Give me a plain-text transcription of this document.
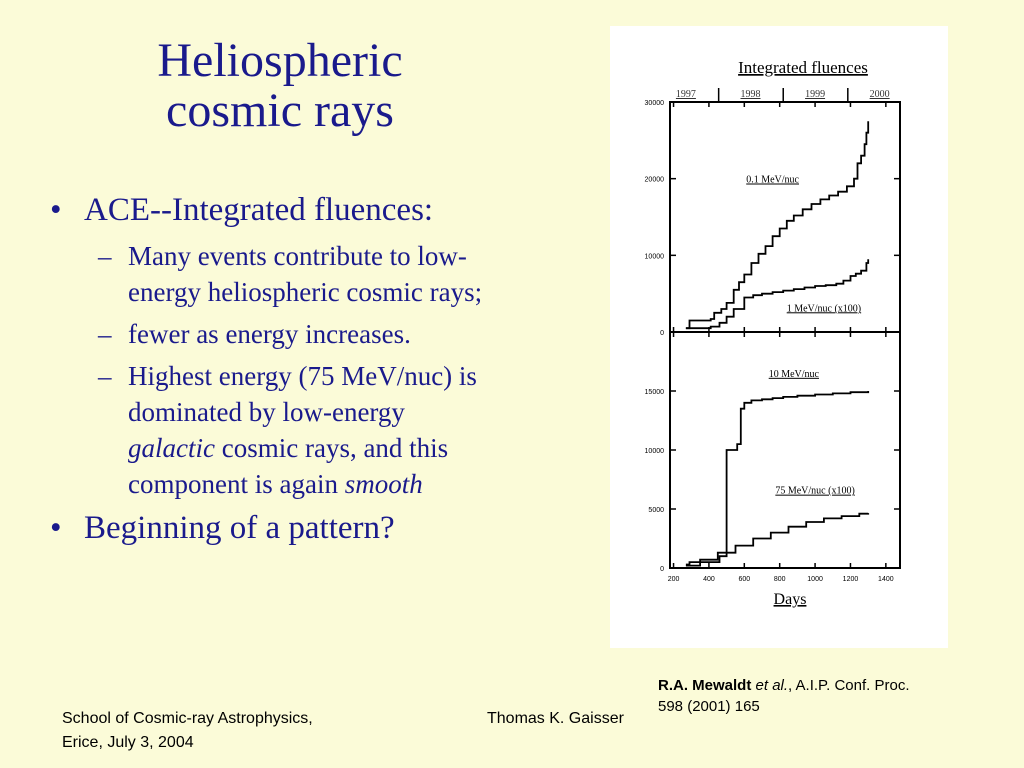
Heliospheric
cosmic rays
• ACE--Integrated fluences:
– Many events contribute to low-
energy heliospheric cosmic rays;
– fewer as energy increases.
– Highest energy (75 MeV/nuc) is
dominated by low-energy
galactic cosmic rays, and this
component is again smooth
• Beginning of a pattern?
Integrated fluences
1997	1998	1999	2000
0
10000
20000
30000
0.1 MeV/nuc
1 MeV/nuc (x100)
0
5000
10000
15000
10 MeV/nuc
75 MeV/nuc (x100)
200	400	600	800	1000	1200	1400
Days
R.A. Mewaldt et al., A.I.P. Conf. Proc.
598 (2001) 165
School of Cosmic-ray Astrophysics,
Erice, July 3, 2004
Thomas K. Gaisser
